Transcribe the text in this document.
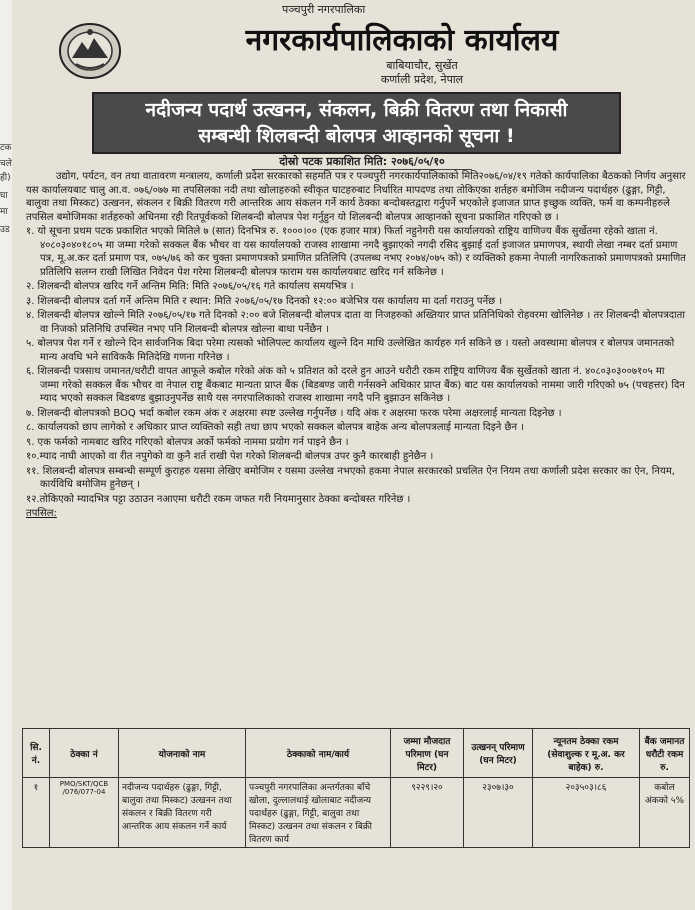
टक
चले
ही)
घा
मा
उड
पञ्चपुरी नगरपालिका
नगरकार्यपालिकाको कार्यालय
बाबियाचौर, सुर्खेत
कर्णाली प्रदेश, नेपाल
नदीजन्य पदार्थ उत्खनन, संकलन, बिक्री वितरण तथा निकासी
सम्बन्धी शिलबन्दी बोलपत्र आव्हानको सूचना !
दोस्रो पटक प्रकाशित मिति: २०७६/०५/१०

उद्योग, पर्यटन, वन तथा वातावरण मन्त्रालय, कर्णाली प्रदेश सरकारको सहमति पत्र र पञ्चपुरी नगरकार्यपालिकाको मिति२०७६/०४/१९ गतेको कार्यपालिका बैठकको निर्णय अनुसार यस कार्यालयबाट चालु आ.व. ०७६/०७७ मा तपसिलका नदी तथा खोलाहरुको स्वीकृत घाटहरुबाट निर्धारित मापदण्ड तथा तोकिएका शर्तहरु बमोजिम नदीजन्य पदार्थहरु (ढुङ्गा, गिट्टी, बालुवा तथा मिस्कट) उत्खनन, संकलन र बिक्री वितरण गरी आन्तरिक आय संकलन गर्ने कार्य ठेक्का बन्दोबस्तद्वारा गर्नुपर्ने भएकोले इजाजत प्राप्त इच्छुक व्यक्ति, फर्म वा कम्पनीहरुले तपसिल बमोजिमका शर्तहरुको अधिनमा रही रितपूर्वकको शिलबन्दी बोलपत्र पेश गर्नुहुन यो शिलबन्दी बोलपत्र आव्हानको सूचना प्रकाशित गरिएको छ ।

१. यो सूचना प्रथम पटक प्रकाशित भएको मितिले ७ (सात) दिनभित्र रु. १०००।०० (एक हजार मात्र) फिर्ता नहुनेगरी यस कार्यालयको राष्ट्रिय वाणिज्य बैंक सुर्खेतमा रहेको खाता नं. ४०८०३०४०१८०५ मा जम्मा गरेको सक्कल बैंक भौचर वा यस कार्यालयको राजस्व शाखामा नगदै बुझाएको नगदी रसिद बुझाई दर्ता इजाजत प्रमाणपत्र, स्थायी लेखा नम्बर दर्ता प्रमाण पत्र, मू.अ.कर दर्ता प्रमाण पत्र, ०७५/७६ को कर चुक्ता प्रमाणपत्रको प्रमाणित प्रतिलिपि (उपलब्ध नभए २०७४/०७५ को) र व्यक्तिको हकमा नेपाली नागरिकताको प्रमाणपत्रको प्रमाणित प्रतिलिपि सलग्न राखी लिखित निवेदन पेश गरेमा शिलबन्दी बोलपत्र फाराम यस कार्यालयबाट खरिद गर्न सकिनेछ ।

२. शिलबन्दी बोलपत्र खरिद गर्ने अन्तिम मिति: मिति २०७६/०५/१६ गते कार्यालय समयभित्र ।

३. शिलबन्दी बोलपत्र दर्ता गर्ने अन्तिम मिति र स्थान: मिति २०७६/०५/१७ दिनको १२:०० बजेभित्र यस कार्यालय मा दर्ता गराउनु पर्नेछ ।

४. शिलबन्दी बोलपत्र खोल्ने मिति २०७६/०५/१७ गते दिनको २:०० बजे शिलबन्दी बोलपत्र दाता वा निजहरुको अख्तियार प्राप्त प्रतिनिधिको रोहवरमा खोलिनेछ । तर शिलबन्दी बोलपत्रदाता वा निजको प्रतिनिधि उपस्थित नभए पनि शिलबन्दी बोलपत्र खोल्ना बाधा पर्नेछैन ।

५. बोलपत्र पेश गर्ने र खोल्ने दिन सार्वजनिक बिदा परेमा त्यसको भोलिपल्ट कार्यालय खुल्ने दिन माथि उल्लेखित कार्यहरु गर्न सकिने छ । यस्तो अवस्थामा बोलपत्र र बोलपत्र जमानतको मान्य अवधि भने साविककै मितिदेखि गणना गरिनेछ ।

६. शिलबन्दी पत्रसाथ जमानत/धरौटी वापत आफूले कबोल गरेको अंक को ५ प्रतिशत को दरले हुन आउने धरौटी रकम राष्ट्रिय वाणिज्य बैंक सुर्खेतको खाता नं. ४०८०३०३००७१०५ मा जम्मा गरेको सक्कल बैंक भौचर वा नेपाल राष्ट्र बैंकबाट मान्यता प्राप्त बैंक (बिडबण्ड जारी गर्नसक्ने अधिकार प्राप्त बैंक) बाट यस कार्यालयको नाममा जारी गरिएको ७५ (पचहत्तर) दिन म्याद भएको सक्कल बिडबण्ड बुझाउनुपर्नेछ साथै यस नगरपालिकाको राजस्व शाखामा नगदै पनि बुझाउन सकिनेछ ।

७. शिलबन्दी बोलपत्रको BOQ भर्दा कबोल रकम अंक र अक्षरमा स्पष्ट उल्लेख गर्नुपर्नेछ । यदि अंक र अक्षरमा फरक परेमा अक्षरलाई मान्यता दिइनेछ ।

८. कार्यालयको छाप लागेको र अधिकार प्राप्त व्यक्तिको सही तथा छाप भएको सक्कल बोलपत्र बाहेक अन्य बोलपत्रलाई मान्यता दिइने छैन ।

९. एक फर्मको नामबाट खरिद गरिएको बोलपत्र अर्को फर्मको नाममा प्रयोग गर्न पाइने छैन ।

१०.म्याद नाघी आएको वा रीत नपुगेको वा कुनै शर्त राखी पेश गरेको शिलबन्दी बोलपत्र उपर कुनै कारबाही हुनेछैन ।

११. शिलबन्दी बोलपत्र सम्बन्धी सम्पूर्ण कुराहरु यसमा लेखिए बमोजिम र यसमा उल्लेख नभएको हकमा नेपाल सरकारको प्रचलित ऐन नियम तथा कर्णाली प्रदेश सरकार का ऐन, नियम, कार्यविधि बमोजिम हुनेछन् ।

१२.तोकिएको म्यादभित्र पट्टा उठाउन नआएमा धरौटी रकम जफत गरी नियमानुसार ठेक्का बन्दोबस्त गरिनेछ ।

तपसिल:

सि. नं.	ठेक्का नं	योजनाको नाम	ठेक्काको नाम/कार्य	जम्मा मौजदात परिमाण (घन मिटर)	उत्खनन् परिमाण (घन मिटर)	न्यूनतम ठेक्का रकम (सेवाशुल्क र मू.अ. कर बाहेक) रु.	बैंक जमानत धरौटी रकम रु.
१	PMO/SKT/QCB /076/077-04	नदीजन्य पदार्थहरु (ढुङ्गा, गिट्टी, बालुवा तथा मिस्कट) उत्खनन तथा संकलन र बिक्री वितरण गरी आन्तरिक आय संकलन गर्ने कार्य	पञ्चपुरी नगरपालिका अन्तर्गतका बाँचे खोला, दुल्लालधाई खोलाबाट नदीजन्य पदार्थहरु (ढुङ्गा, गिट्टी, बालुवा तथा मिस्कट) उत्खनन तथा संकलन र बिक्री वितरण कार्य	९२२९।२०	२३०७।३०	२०३५०३।८६	कबोल अंकको ५%
